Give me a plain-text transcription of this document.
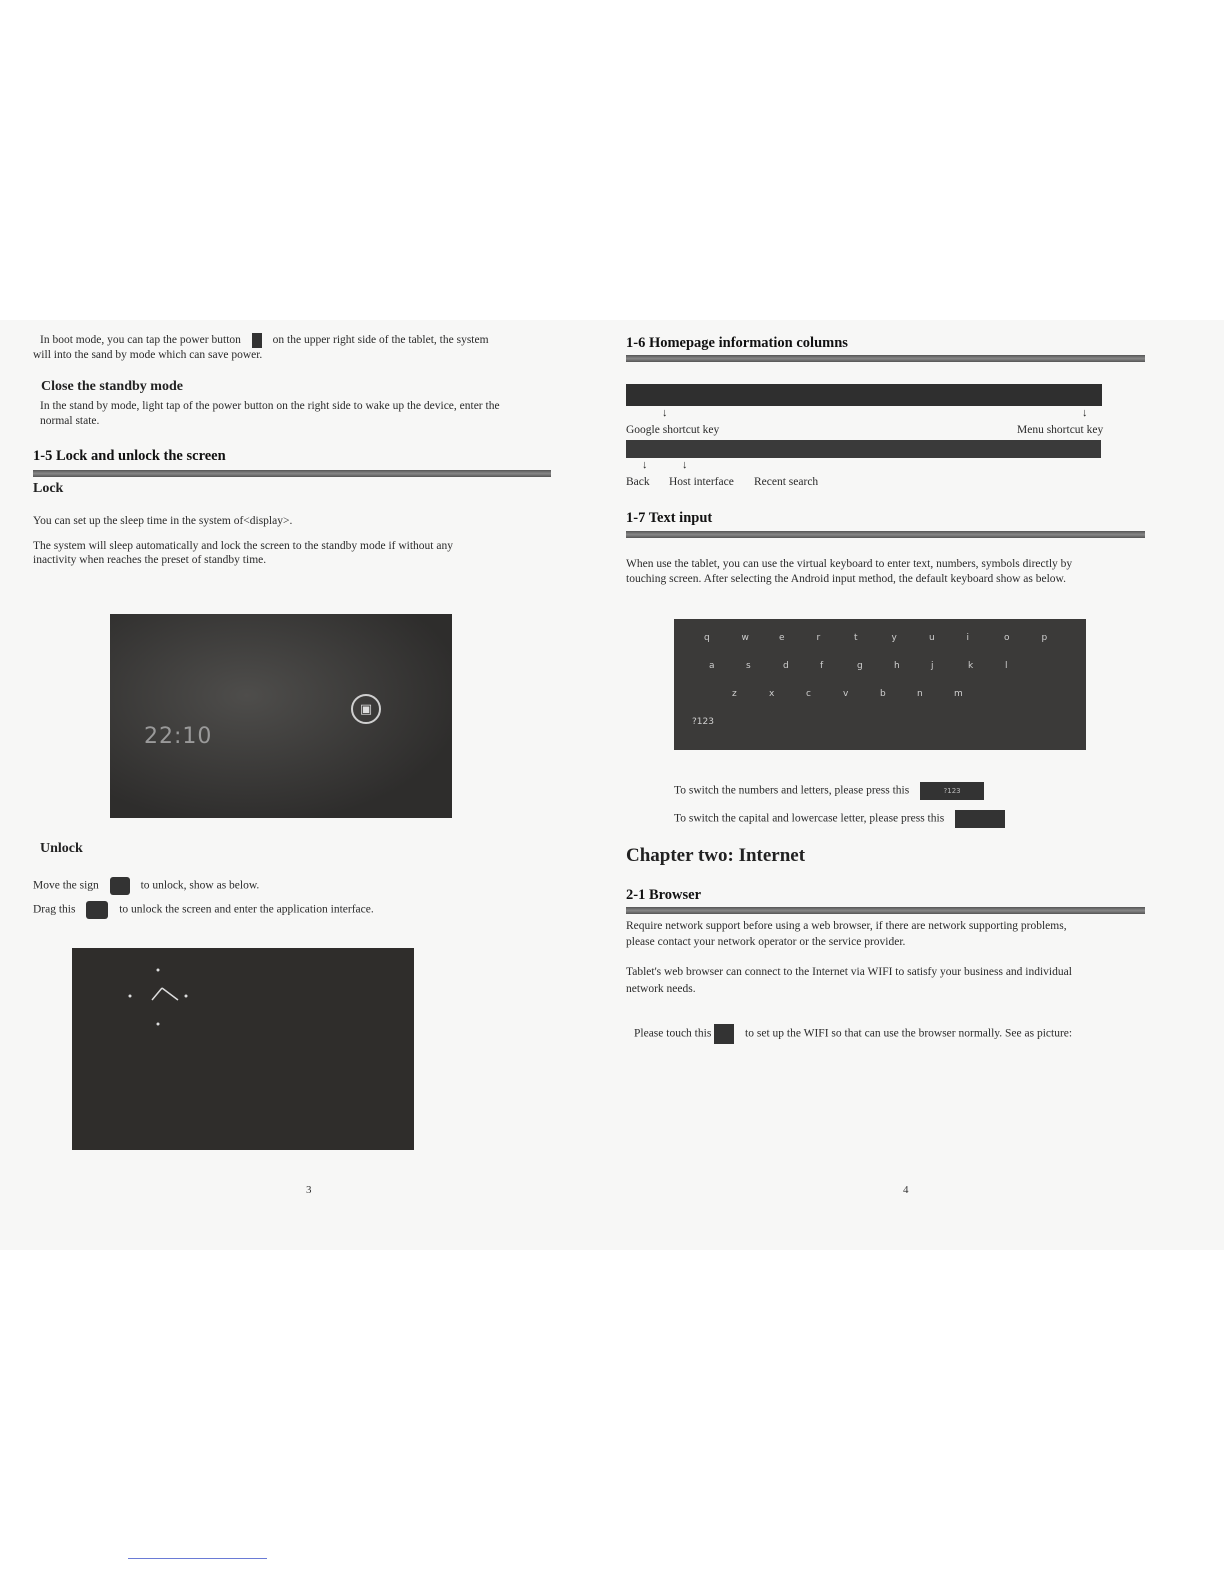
In boot mode, you can tap the power button	on the upper right side of the tablet, the system
will into the sand by mode which can save power.
Close the standby mode
In the stand by mode, light tap of the power button on the right side to wake up the device, enter the
normal state.
1-5 Lock and unlock the screen
Lock
You can set up the sleep time in the system of<display>.
The system will sleep automatically and lock the screen to the standby mode if without any
inactivity when reaches the preset of standby time.
22:10
▣
Unlock
Move the sign	to unlock, show as below.
Drag this	to unlock the screen and enter the application interface.
3
1-6 Homepage information columns
↓	↓
Google shortcut key	Menu shortcut key
↓	↓
Back Host interface Recent search
1-7 Text input
When use the tablet, you can use the virtual keyboard to enter text, numbers, symbols directly by
touching screen. After selecting the Android input method, the default keyboard show as below.
q	w	e	r	t	y	u	i	o	p
a	s	d	f	g	h	j	k	l
z	x	c	v	b	n	m
?123
To switch the numbers and letters, please press this	?123
To switch the capital and lowercase letter, please press this
Chapter two: Internet
2-1 Browser
Require network support before using a web browser, if there are network supporting problems,
please contact your network operator or the service provider.
Tablet's web browser can connect to the Internet via WIFI to satisfy your business and individual
network needs.
Please touch this	to set up the WIFI so that can use the browser normally. See as picture:
4
